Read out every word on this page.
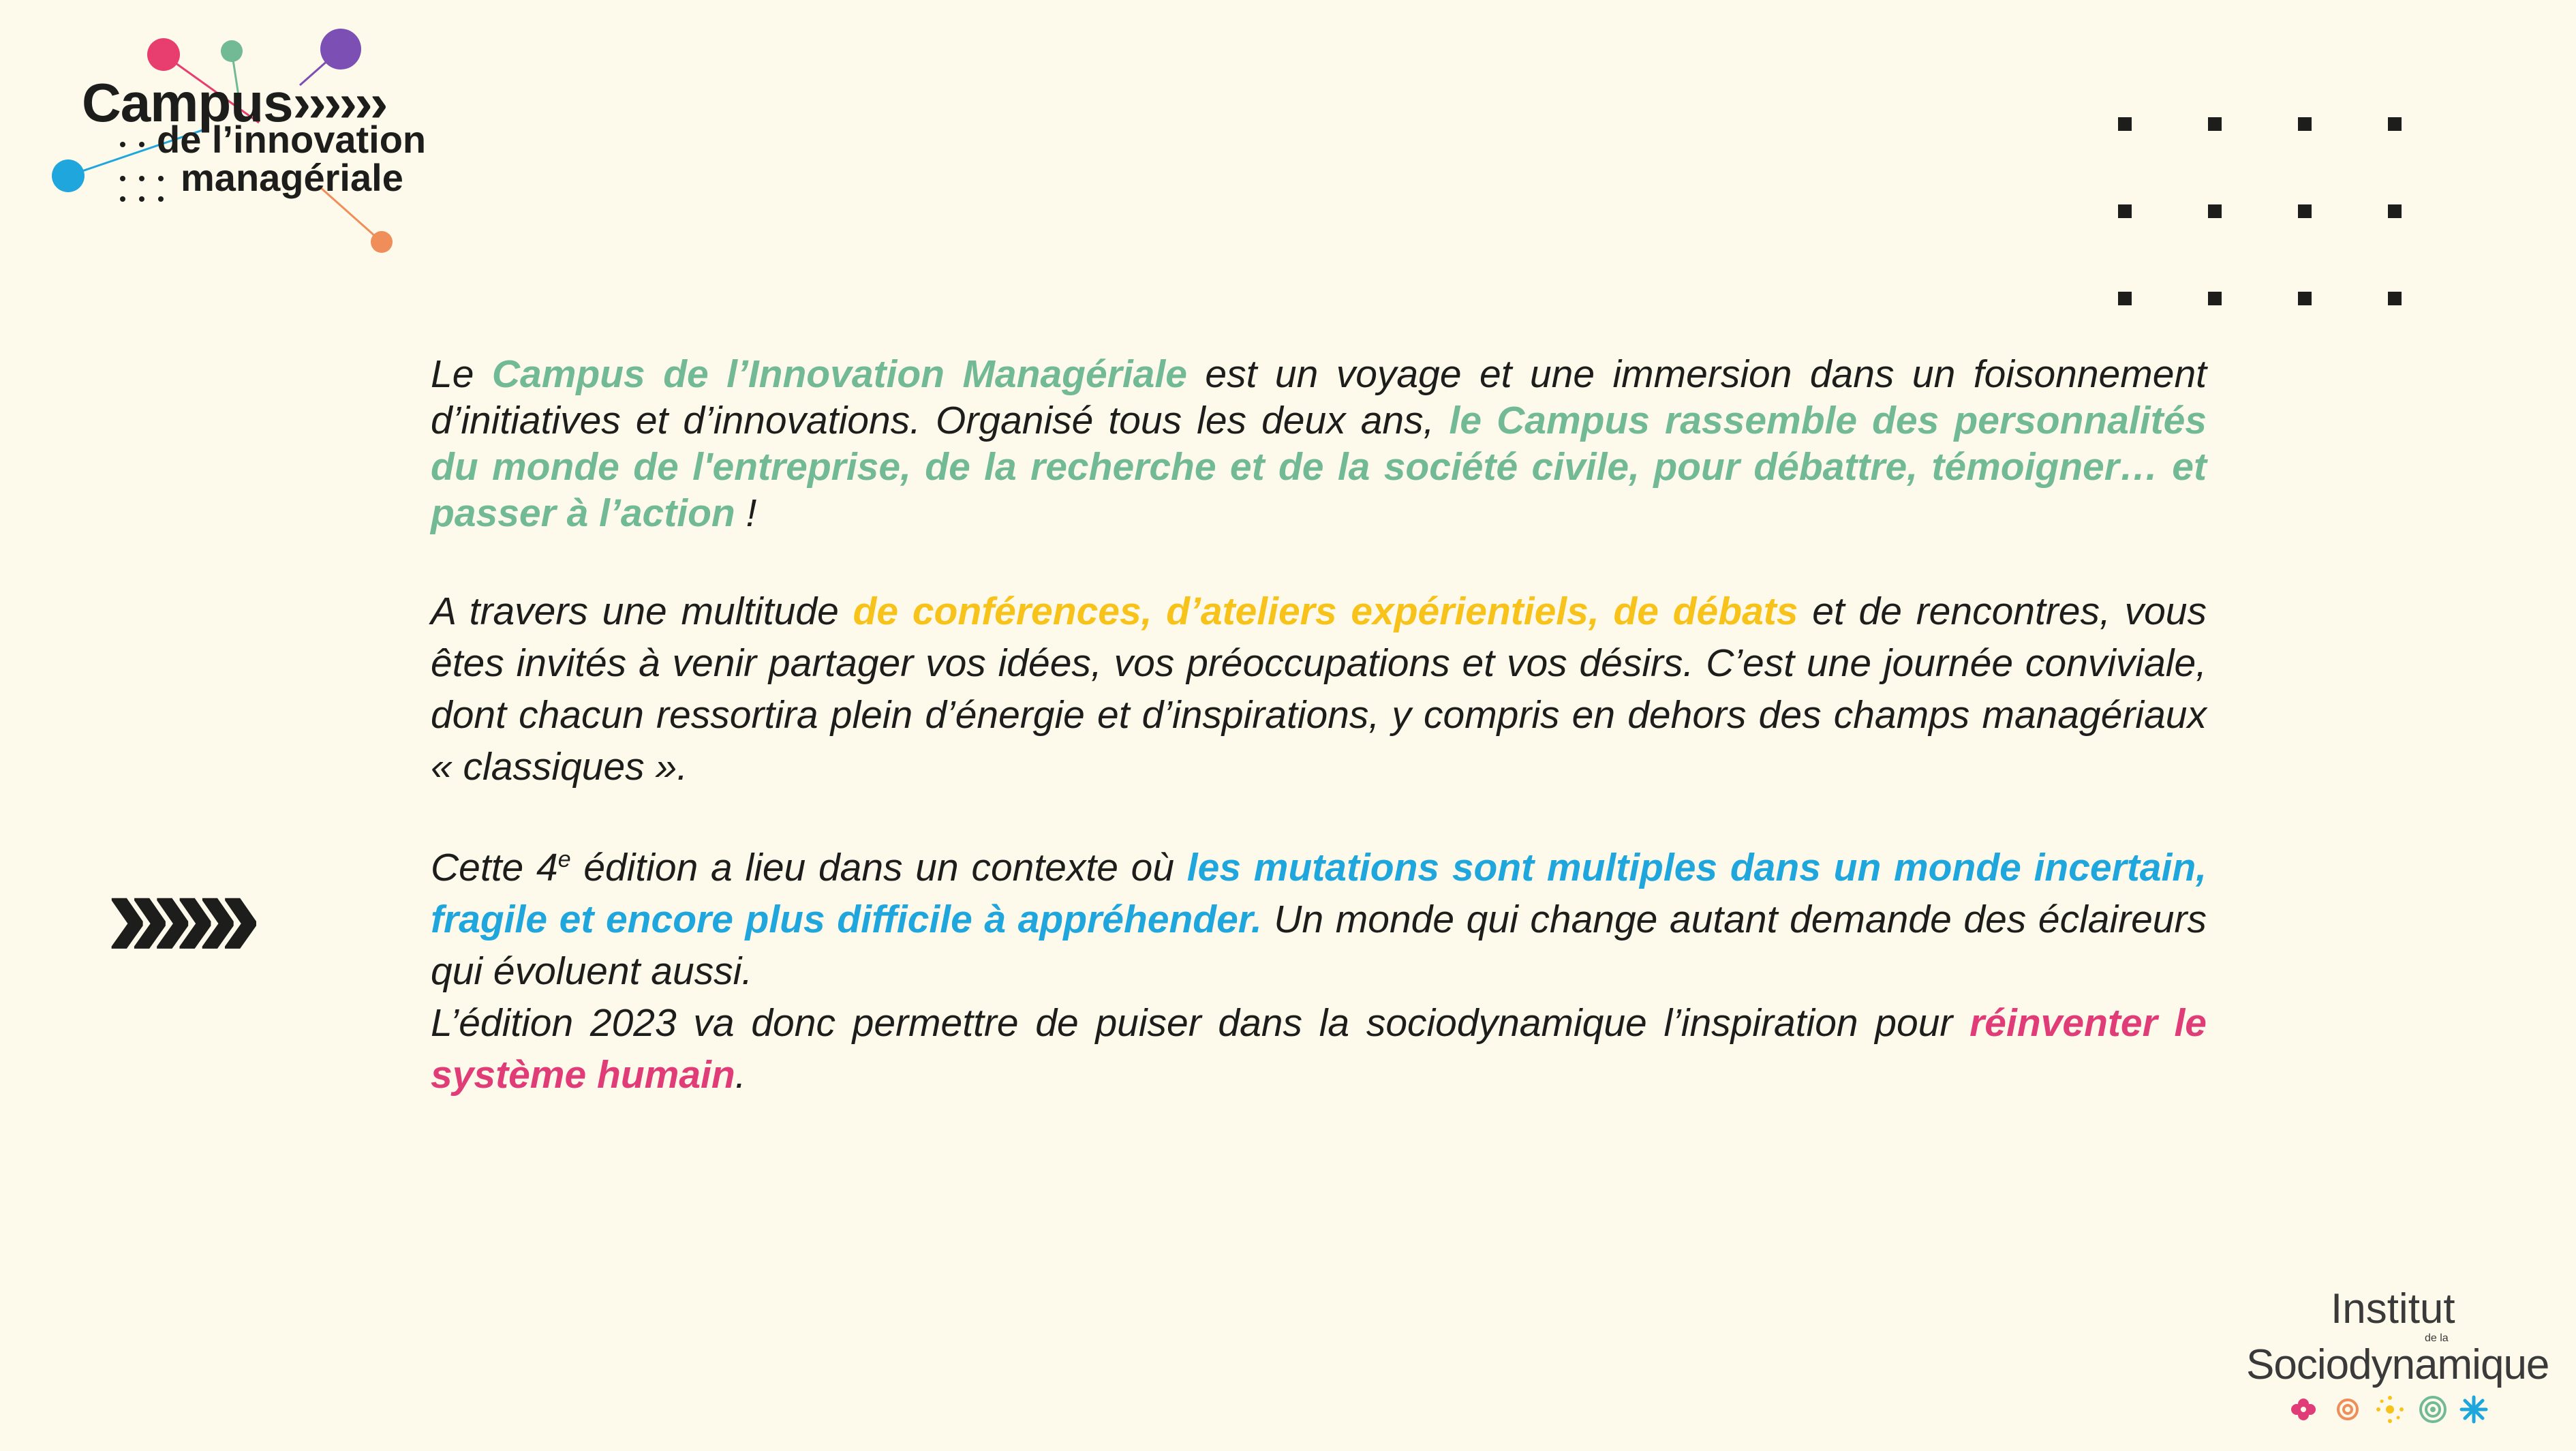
Campus››››››
de l’innovation
managériale
››››››

Le Campus de l’Innovation Managériale est un voyage et une immersion dans un foisonnement d’initiatives et d’innovations. Organisé tous les deux ans, le Campus rassemble des personnalités du monde de l'entreprise, de la recherche et de la société civile, pour débattre, témoigner… et passer à l’action !

A travers une multitude de conférences, d’ateliers expérientiels, de débats et de rencontres, vous êtes invités à venir partager vos idées, vos préoccupations et vos désirs. C’est une journée conviviale, dont chacun ressortira plein d’énergie et d’inspirations, y compris en dehors des champs managériaux « classiques ».

Cette 4e édition a lieu dans un contexte où les mutations sont multiples dans un monde incertain, fragile et encore plus difficile à appréhender. Un monde qui change autant demande des éclaireurs qui évoluent aussi.

L’édition 2023 va donc permettre de puiser dans la sociodynamique l’inspiration pour réinventer le système humain.

Institut
de la
Sociodynamique
